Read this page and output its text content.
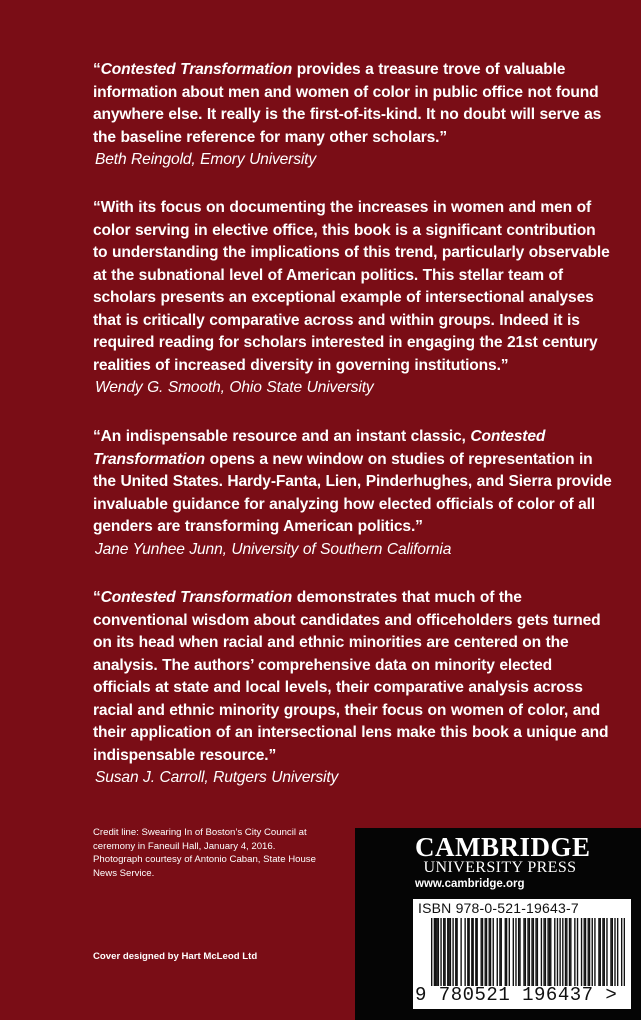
“Contested Transformation provides a treasure trove of valuable information about men and women of color in public office not found anywhere else. It really is the first-of-its-kind. It no doubt will serve as the baseline reference for many other scholars.”

Beth Reingold, Emory University

“With its focus on documenting the increases in women and men of color serving in elective office, this book is a significant contribution to understanding the implications of this trend, particularly observable at the subnational level of American politics. This stellar team of scholars presents an exceptional example of intersectional analyses that is critically comparative across and within groups. Indeed it is required reading for scholars interested in engaging the 21st century realities of increased diversity in governing institutions.”

Wendy G. Smooth, Ohio State University

“An indispensable resource and an instant classic, Contested Transformation opens a new window on studies of representation in the United States. Hardy-Fanta, Lien, Pinderhughes, and Sierra provide invaluable guidance for analyzing how elected officials of color of all genders are transforming American politics.”

Jane Yunhee Junn, University of Southern California

“Contested Transformation demonstrates that much of the conventional wisdom about candidates and officeholders gets turned on its head when racial and ethnic minorities are centered on the analysis. The authors’ comprehensive data on minority elected officials at state and local levels, their comparative analysis across racial and ethnic minority groups, their focus on women of color, and their application of an intersectional lens make this book a unique and indispensable resource.”

Susan J. Carroll, Rutgers University
Credit line: Swearing In of Boston’s City Council at ceremony in Faneuil Hall, January 4, 2016. Photograph courtesy of Antonio Caban, State House News Service.
Cover designed by Hart McLeod Ltd
CAMBRIDGE
UNIVERSITY PRESS
www.cambridge.org
ISBN 978-0-521-19643-7
9 780521 196437 >
